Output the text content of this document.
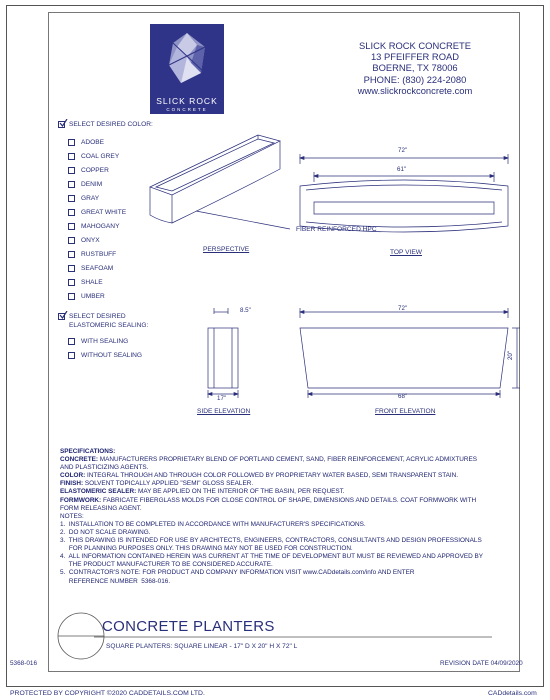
SLICK ROCK
CONCRETE
SLICK ROCK CONCRETE
13 PFEIFFER ROAD
BOERNE, TX 78006
PHONE: (830) 224-2080
www.slickrockconcrete.com
SELECT DESIRED COLOR:
ADOBE
COAL GREY
COPPER
DENIM
GRAY
GREAT WHITE
MAHOGANY
ONYX
RUSTBUFF
SEAFOAM
SHALE
UMBER
SELECT DESIRED
ELASTOMERIC SEALING:
WITH SEALING
WITHOUT SEALING
FIBER REINFORCED HPC
PERSPECTIVE
72"
61"
TOP VIEW
8.5"
17"
SIDE ELEVATION
72"
68"
20"
FRONT ELEVATION
SPECIFICATIONS:
CONCRETE: MANUFACTURERS PROPRIETARY BLEND OF PORTLAND CEMENT, SAND, FIBER REINFORCEMENT, ACRYLIC ADMIXTURES
AND PLASTICIZING AGENTS.
COLOR: INTEGRAL THROUGH AND THROUGH COLOR FOLLOWED BY PROPRIETARY WATER BASED, SEMI TRANSPARENT STAIN.
FINISH: SOLVENT TOPICALLY APPLIED "SEMI" GLOSS SEALER.
ELASTOMERIC SEALER: MAY BE APPLIED ON THE INTERIOR OF THE BASIN, PER REQUEST.
FORMWORK: FABRICATE FIBERGLASS MOLDS FOR CLOSE CONTROL OF SHAPE, DIMENSIONS AND DETAILS. COAT FORMWORK WITH
FORM RELEASING AGENT.
NOTES:
1.  INSTALLATION TO BE COMPLETED IN ACCORDANCE WITH MANUFACTURER'S SPECIFICATIONS.
2.  DO NOT SCALE DRAWING.
3.  THIS DRAWING IS INTENDED FOR USE BY ARCHITECTS, ENGINEERS, CONTRACTORS, CONSULTANTS AND DESIGN PROFESSIONALS
FOR PLANNING PURPOSES ONLY. THIS DRAWING MAY NOT BE USED FOR CONSTRUCTION.
4.  ALL INFORMATION CONTAINED HEREIN WAS CURRENT AT THE TIME OF DEVELOPMENT BUT MUST BE REVIEWED AND APPROVED BY
THE PRODUCT MANUFACTURER TO BE CONSIDERED ACCURATE.
5.  CONTRACTOR'S NOTE: FOR PRODUCT AND COMPANY INFORMATION VISIT www.CADdetails.com/info AND ENTER
REFERENCE NUMBER  5368-016.
CONCRETE PLANTERS
SQUARE PLANTERS: SQUARE LINEAR - 17" D X 20" H X 72" L
5368-016	REVISION DATE 04/09/2020
PROTECTED BY COPYRIGHT ©2020 CADDETAILS.COM LTD.	CADdetails.com
